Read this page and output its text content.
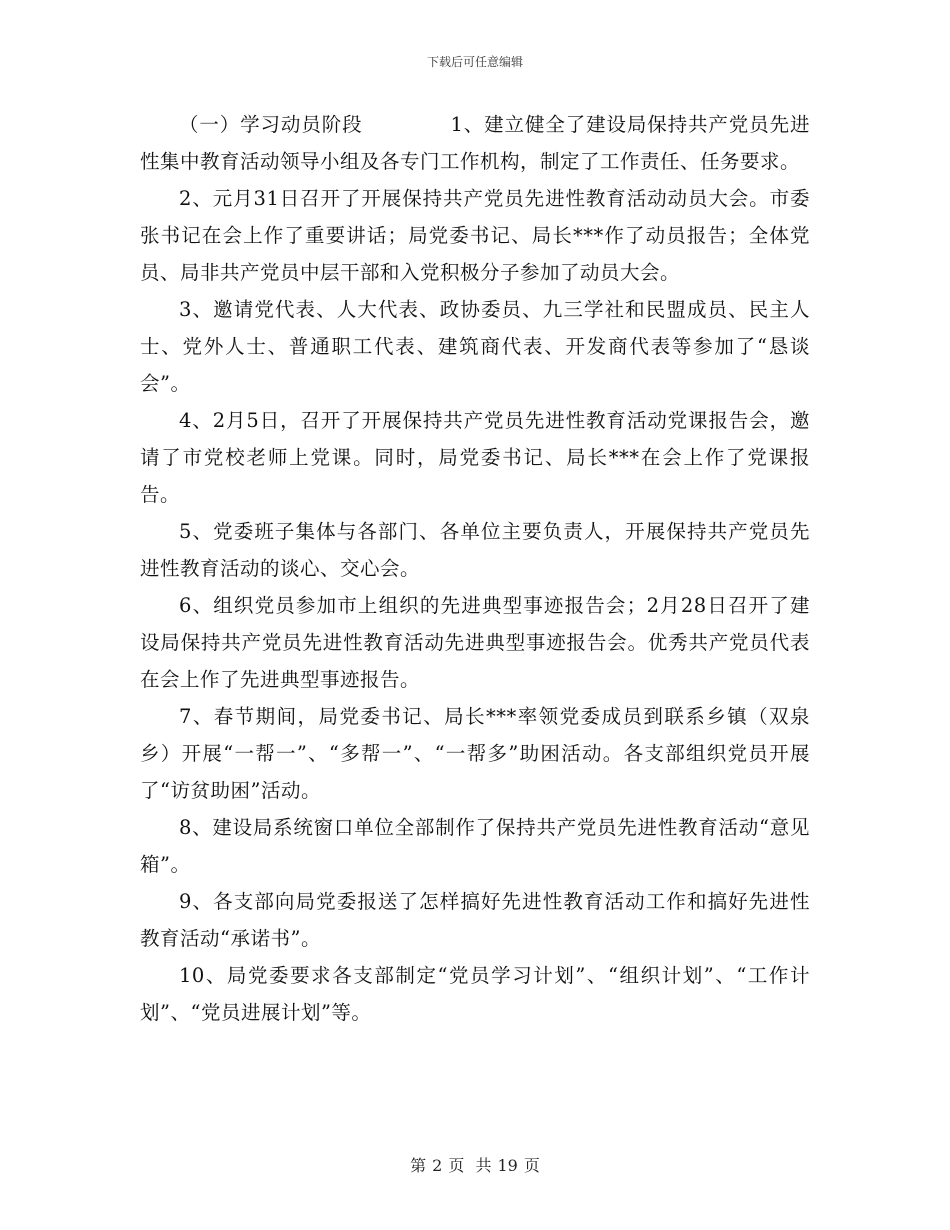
下载后可任意编辑

（一）学习动员阶段	1、建立健全了建设局保持共产党员先进性集中教育活动领导小组及各专门工作机构，制定了工作责任、任务要求。

2、元月31日召开了开展保持共产党员先进性教育活动动员大会。市委张书记在会上作了重要讲话；局党委书记、局长***作了动员报告；全体党员、局非共产党员中层干部和入党积极分子参加了动员大会。

3、邀请党代表、人大代表、政协委员、九三学社和民盟成员、民主人士、党外人士、普通职工代表、建筑商代表、开发商代表等参加了“恳谈会”。

4、2月5日，召开了开展保持共产党员先进性教育活动党课报告会，邀请了市党校老师上党课。同时，局党委书记、局长***在会上作了党课报告。

5、党委班子集体与各部门、各单位主要负责人，开展保持共产党员先进性教育活动的谈心、交心会。

6、组织党员参加市上组织的先进典型事迹报告会；2月28日召开了建设局保持共产党员先进性教育活动先进典型事迹报告会。优秀共产党员代表在会上作了先进典型事迹报告。

7、春节期间，局党委书记、局长***率领党委成员到联系乡镇（双泉乡）开展“一帮一”、“多帮一”、“一帮多”助困活动。各支部组织党员开展了“访贫助困”活动。

8、建设局系统窗口单位全部制作了保持共产党员先进性教育活动“意见箱”。

9、各支部向局党委报送了怎样搞好先进性教育活动工作和搞好先进性教育活动“承诺书”。

10、局党委要求各支部制定“党员学习计划”、“组织计划”、“工作计划”、“党员进展计划”等。

第 2 页 共 19 页
